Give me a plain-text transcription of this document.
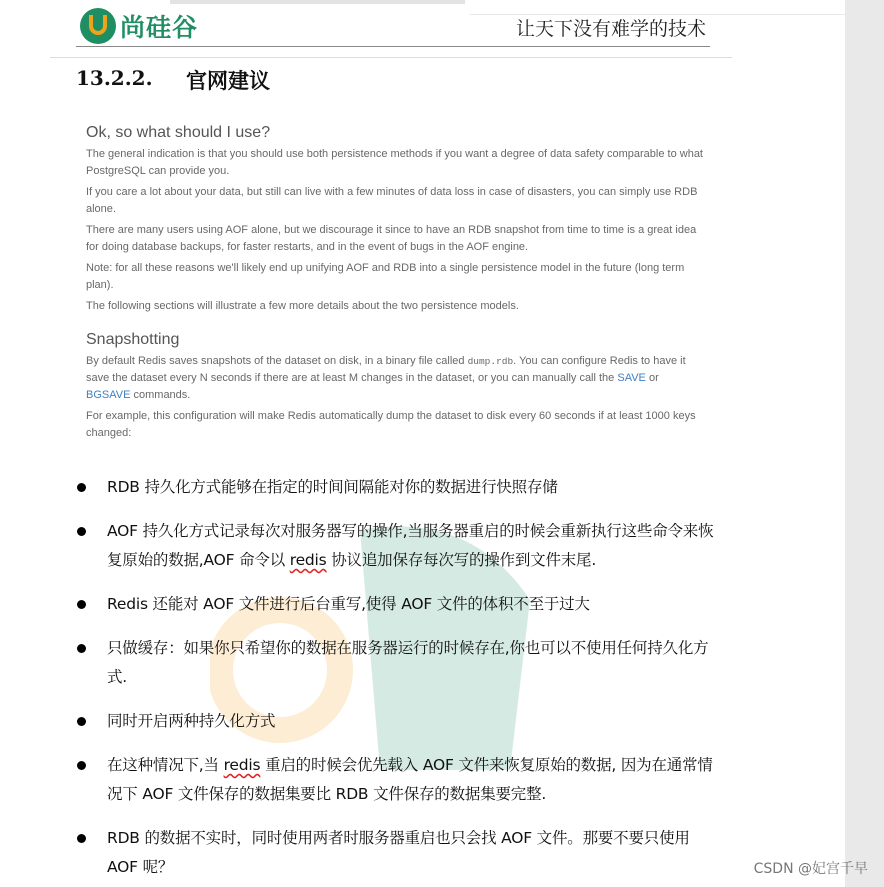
尚硅谷	让天下没有难学的技术
13.2.2. 官网建议
Ok, so what should I use?

The general indication is that you should use both persistence methods if you want a degree of data safety comparable to what PostgreSQL can provide you.

If you care a lot about your data, but still can live with a few minutes of data loss in case of disasters, you can simply use RDB alone.

There are many users using AOF alone, but we discourage it since to have an RDB snapshot from time to time is a great idea for doing database backups, for faster restarts, and in the event of bugs in the AOF engine.

Note: for all these reasons we'll likely end up unifying AOF and RDB into a single persistence model in the future (long term plan).

The following sections will illustrate a few more details about the two persistence models.

Snapshotting

By default Redis saves snapshots of the dataset on disk, in a binary file called dump.rdb. You can configure Redis to have it save the dataset every N seconds if there are at least M changes in the dataset, or you can manually call the SAVE or BGSAVE commands.

For example, this configuration will make Redis automatically dump the dataset to disk every 60 seconds if at least 1000 keys changed:

RDB 持久化方式能够在指定的时间间隔能对你的数据进行快照存储
AOF 持久化方式记录每次对服务器写的操作,当服务器重启的时候会重新执行这些命令来恢复原始的数据,AOF 命令以 redis 协议追加保存每次写的操作到文件末尾.
Redis 还能对 AOF 文件进行后台重写,使得 AOF 文件的体积不至于过大
只做缓存：如果你只希望你的数据在服务器运行的时候存在,你也可以不使用任何持久化方式.
同时开启两种持久化方式
在这种情况下,当 redis 重启的时候会优先载入 AOF 文件来恢复原始的数据, 因为在通常情况下 AOF 文件保存的数据集要比 RDB 文件保存的数据集要完整.
RDB 的数据不实时，同时使用两者时服务器重启也只会找 AOF 文件。那要不要只使用 AOF 呢？	CSDN @妃宫千早
